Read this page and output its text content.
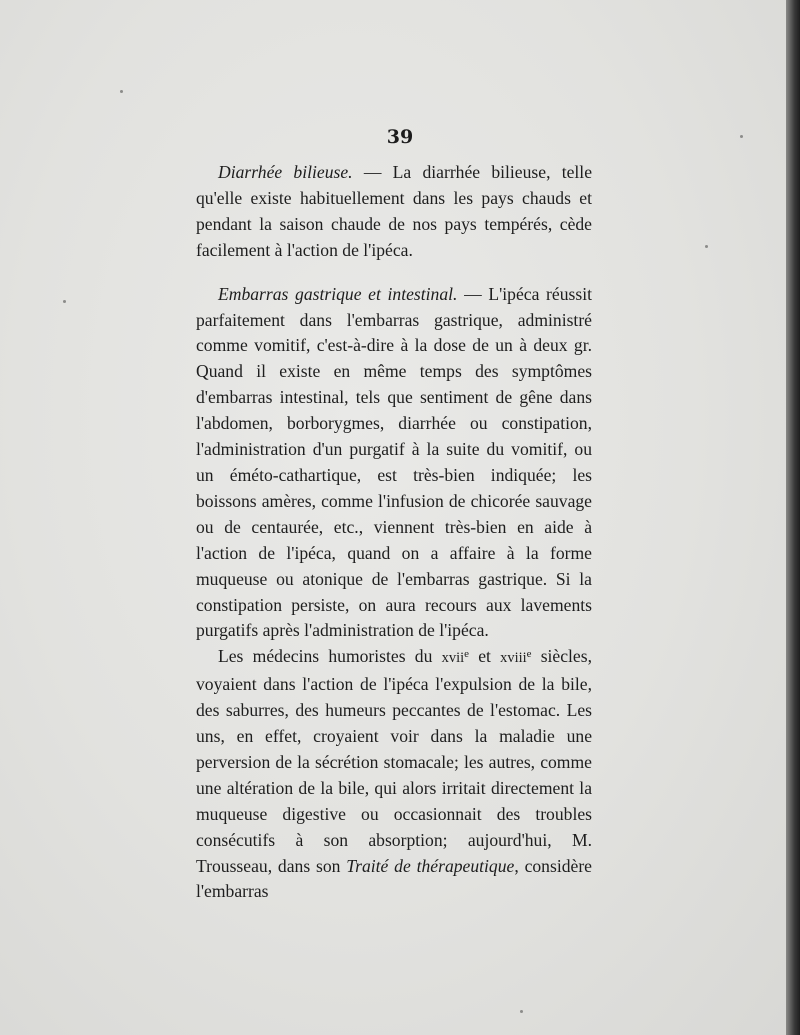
39

Diarrhée bilieuse. — La diarrhée bilieuse, telle qu'elle existe habituellement dans les pays chauds et pendant la saison chaude de nos pays tempérés, cède facilement à l'action de l'ipéca.

Embarras gastrique et intestinal. — L'ipéca réussit parfaitement dans l'embarras gastrique, administré comme vomitif, c'est-à-dire à la dose de un à deux gr. Quand il existe en même temps des symptômes d'embarras intestinal, tels que sentiment de gêne dans l'abdomen, borborygmes, diarrhée ou constipation, l'administration d'un purgatif à la suite du vomitif, ou un éméto-cathartique, est très-bien indiquée; les boissons amères, comme l'infusion de chicorée sauvage ou de centaurée, etc., viennent très-bien en aide à l'action de l'ipéca, quand on a affaire à la forme muqueuse ou atonique de l'embarras gastrique. Si la constipation persiste, on aura recours aux lavements purgatifs après l'administration de l'ipéca.

Les médecins humoristes du xvii$^e$ et xviii$^e$ siècles, voyaient dans l'action de l'ipéca l'expulsion de la bile, des saburres, des humeurs peccantes de l'estomac. Les uns, en effet, croyaient voir dans la maladie une perversion de la sécrétion stomacale; les autres, comme une altération de la bile, qui alors irritait directement la muqueuse digestive ou occasionnait des troubles consécutifs à son absorption; aujourd'hui, M. Trousseau, dans son Traité de thérapeutique, considère l'embarras
